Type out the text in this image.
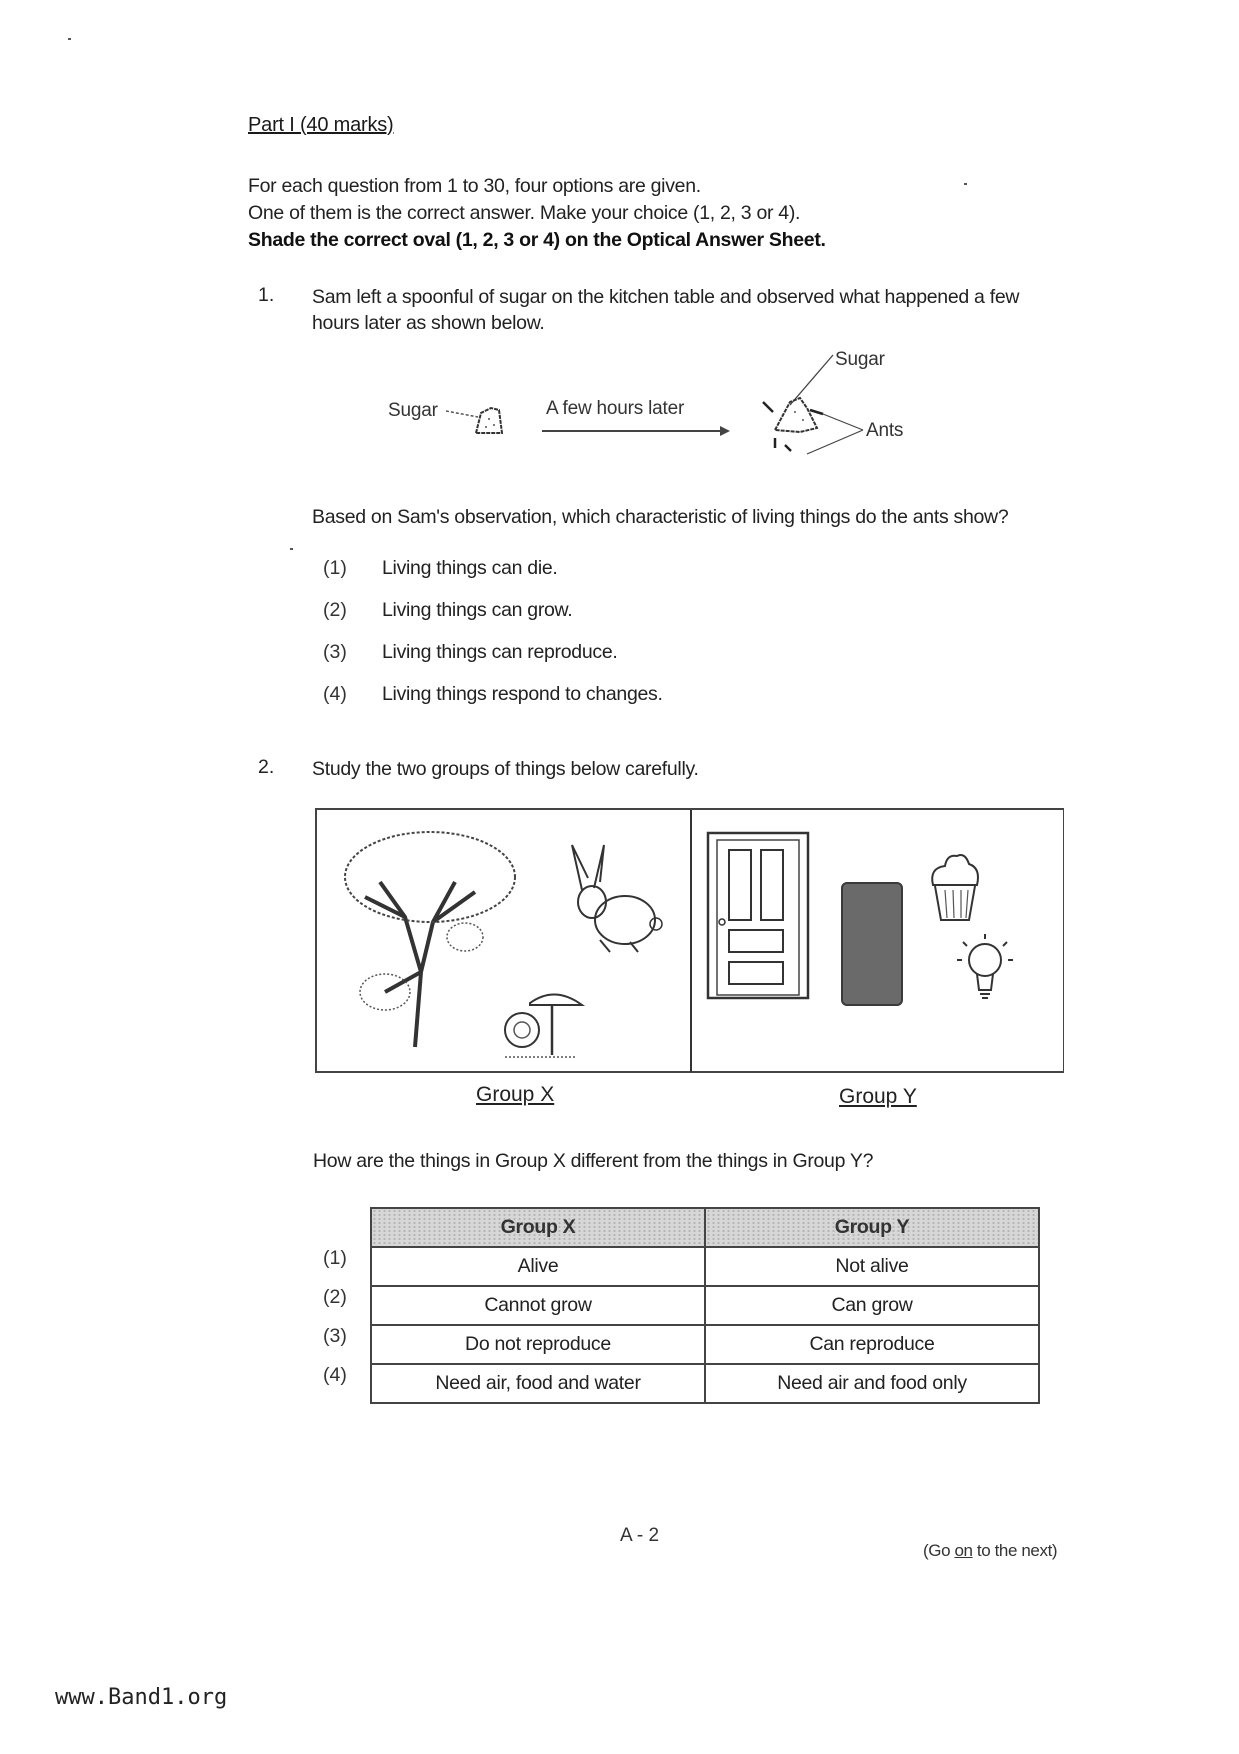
Part I (40 marks)
For each question from 1 to 30, four options are given.
One of them is the correct answer. Make your choice (1, 2, 3 or 4).
Shade the correct oval (1, 2, 3 or 4) on the Optical Answer Sheet.
1. Sam left a spoonful of sugar on the kitchen table and observed what happened a few hours later as shown below.
Sugar	A few hours later
Sugar
Ants
Based on Sam's observation, which characteristic of living things do the ants show?
(1) Living things can die.
(2) Living things can grow.
(3) Living things can reproduce.
(4) Living things respond to changes.
2. Study the two groups of things below carefully.
Group X	Group Y
How are the things in Group X different from the things in Group Y?
(1)
(2)
(3)
(4)
Group X	Group Y
Alive	Not alive
Cannot grow	Can grow
Do not reproduce	Can reproduce
Need air, food and water	Need air and food only
A - 2
(Go on to the next)
www.Band1.org
